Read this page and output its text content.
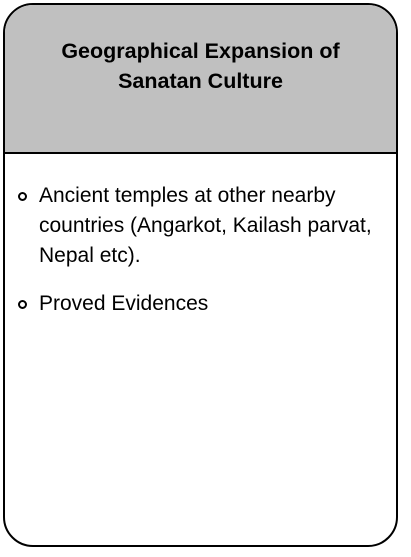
Geographical Expansion of Sanatan Culture
Ancient temples at other nearby countries (Angarkot, Kailash parvat, Nepal etc).
Proved Evidences
